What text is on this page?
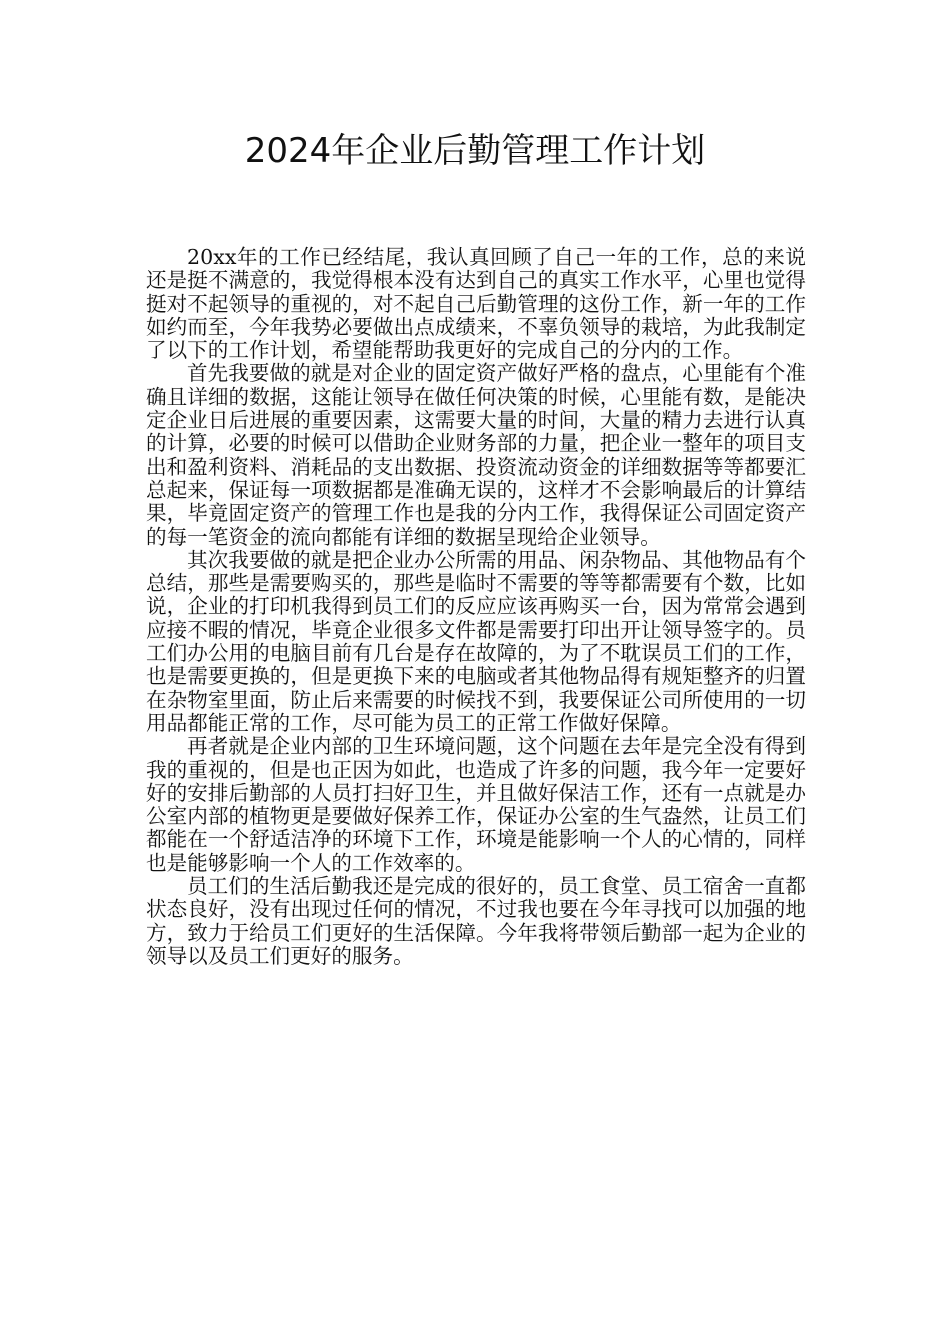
2024年企业后勤管理工作计划

20xx年的工作已经结尾，我认真回顾了自己一年的工作，总的来说还是挺不满意的，我觉得根本没有达到自己的真实工作水平，心里也觉得挺对不起领导的重视的，对不起自己后勤管理的这份工作，新一年的工作如约而至，今年我势必要做出点成绩来，不辜负领导的栽培，为此我制定了以下的工作计划，希望能帮助我更好的完成自己的分内的工作。

首先我要做的就是对企业的固定资产做好严格的盘点，心里能有个准确且详细的数据，这能让领导在做任何决策的时候，心里能有数，是能决定企业日后进展的重要因素，这需要大量的时间，大量的精力去进行认真的计算，必要的时候可以借助企业财务部的力量，把企业一整年的项目支出和盈利资料、消耗品的支出数据、投资流动资金的详细数据等等都要汇总起来，保证每一项数据都是准确无误的，这样才不会影响最后的计算结果，毕竟固定资产的管理工作也是我的分内工作，我得保证公司固定资产的每一笔资金的流向都能有详细的数据呈现给企业领导。

其次我要做的就是把企业办公所需的用品、闲杂物品、其他物品有个总结，那些是需要购买的，那些是临时不需要的等等都需要有个数，比如说，企业的打印机我得到员工们的反应应该再购买一台，因为常常会遇到应接不暇的情况，毕竟企业很多文件都是需要打印出开让领导签字的。员工们办公用的电脑目前有几台是存在故障的，为了不耽误员工们的工作，也是需要更换的，但是更换下来的电脑或者其他物品得有规矩整齐的归置在杂物室里面，防止后来需要的时候找不到，我要保证公司所使用的一切用品都能正常的工作，尽可能为员工的正常工作做好保障。

再者就是企业内部的卫生环境问题，这个问题在去年是完全没有得到我的重视的，但是也正因为如此，也造成了许多的问题，我今年一定要好好的安排后勤部的人员打扫好卫生，并且做好保洁工作，还有一点就是办公室内部的植物更是要做好保养工作，保证办公室的生气盎然，让员工们都能在一个舒适洁净的环境下工作，环境是能影响一个人的心情的，同样也是能够影响一个人的工作效率的。

员工们的生活后勤我还是完成的很好的，员工食堂、员工宿舍一直都状态良好，没有出现过任何的情况，不过我也要在今年寻找可以加强的地方，致力于给员工们更好的生活保障。今年我将带领后勤部一起为企业的领导以及员工们更好的服务。
